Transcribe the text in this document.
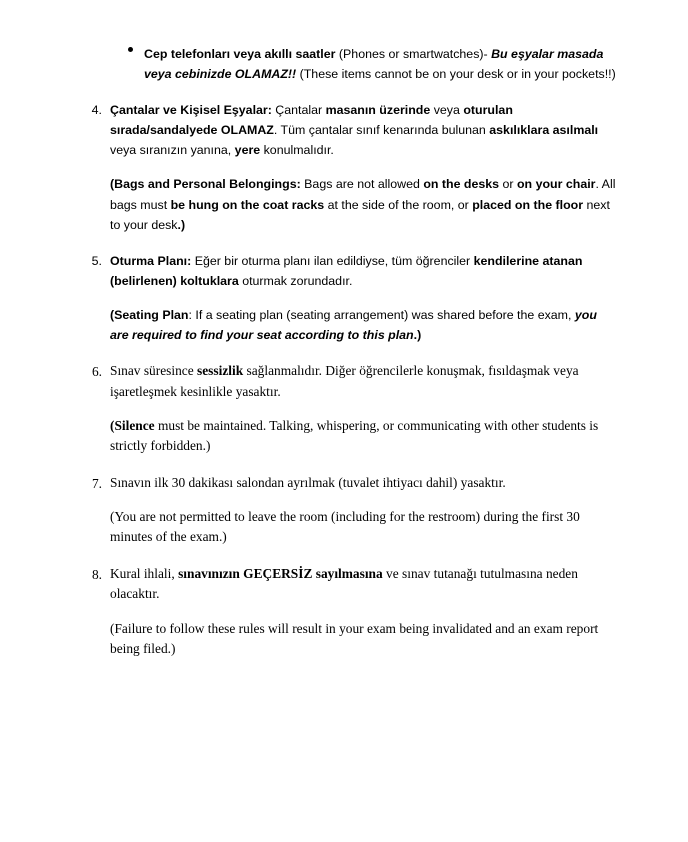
Cep telefonları veya akıllı saatler (Phones or smartwatches)- Bu eşyalar masada veya cebinizde OLAMAZ!! (These items cannot be on your desk or in your pockets!!)

4. Çantalar ve Kişisel Eşyalar: Çantalar masanın üzerinde veya oturulan sırada/sandalyede OLAMAZ. Tüm çantalar sınıf kenarında bulunan askılıklara asılmalı veya sıranızın yanına, yere konulmalıdır.

(Bags and Personal Belongings: Bags are not allowed on the desks or on your chair. All bags must be hung on the coat racks at the side of the room, or placed on the floor next to your desk.)

5. Oturma Planı: Eğer bir oturma planı ilan edildiyse, tüm öğrenciler kendilerine atanan (belirlenen) koltuklara oturmak zorundadır.

(Seating Plan: If a seating plan (seating arrangement) was shared before the exam, you are required to find your seat according to this plan.)

6. Sınav süresince sessizlik sağlanmalıdır. Diğer öğrencilerle konuşmak, fısıldaşmak veya işaretleşmek kesinlikle yasaktır.

(Silence must be maintained. Talking, whispering, or communicating with other students is strictly forbidden.)

7. Sınavın ilk 30 dakikası salondan ayrılmak (tuvalet ihtiyacı dahil) yasaktır.

(You are not permitted to leave the room (including for the restroom) during the first 30 minutes of the exam.)

8. Kural ihlali, sınavınızın GEÇERSİZ sayılmasına ve sınav tutanağı tutulmasına neden olacaktır.

(Failure to follow these rules will result in your exam being invalidated and an exam report being filed.)
